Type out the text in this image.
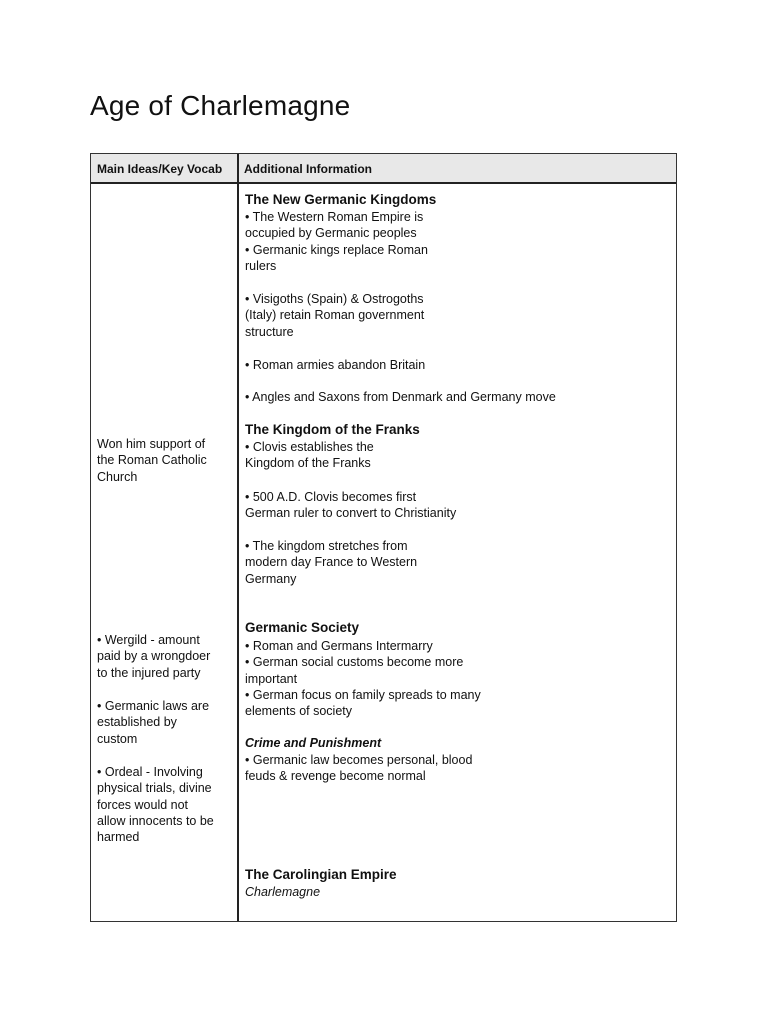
Age of Charlemagne
Main Ideas/Key Vocab Additional Information
Won him support of
the Roman Catholic
Church
• Wergild - amount
paid by a wrongdoer
to the injured party
• Germanic laws are
established by
custom
• Ordeal - Involving
physical trials, divine
forces would not
allow innocents to be
harmed
The New Germanic Kingdoms
• The Western Roman Empire is
occupied by Germanic peoples
• Germanic kings replace Roman
rulers
• Visigoths (Spain) & Ostrogoths
(Italy) retain Roman government
structure
• Roman armies abandon Britain
• Angles and Saxons from Denmark and Germany move
The Kingdom of the Franks
• Clovis establishes the
Kingdom of the Franks
• 500 A.D. Clovis becomes first
German ruler to convert to Christianity
• The kingdom stretches from
modern day France to Western
Germany
Germanic Society
• Roman and Germans Intermarry
• German social customs become more
important
• German focus on family spreads to many
elements of society
Crime and Punishment
• Germanic law becomes personal, blood
feuds & revenge become normal
The Carolingian Empire
Charlemagne
